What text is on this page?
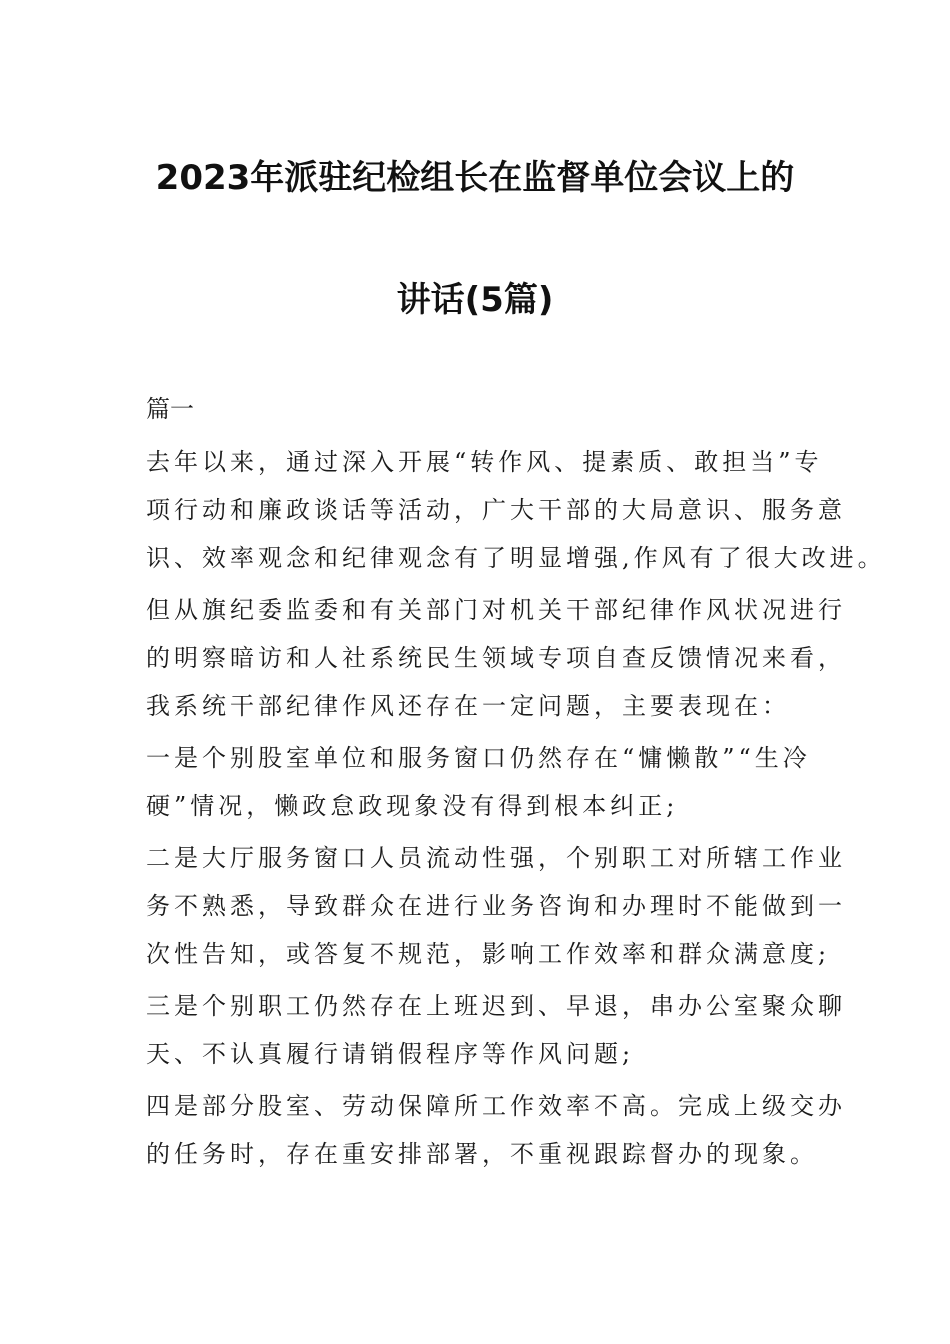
2023年派驻纪检组长在监督单位会议上的
讲话(5篇)
篇一
去年以来，通过深入开展“转作风、提素质、敢担当”专
项行动和廉政谈话等活动，广大干部的大局意识、服务意
识、效率观念和纪律观念有了明显增强,作风有了很大改进。
但从旗纪委监委和有关部门对机关干部纪律作风状况进行
的明察暗访和人社系统民生领域专项自查反馈情况来看，
我系统干部纪律作风还存在一定问题，主要表现在：
一是个别股室单位和服务窗口仍然存在“慵懒散”“生冷
硬”情况，懒政怠政现象没有得到根本纠正;
二是大厅服务窗口人员流动性强，个别职工对所辖工作业
务不熟悉，导致群众在进行业务咨询和办理时不能做到一
次性告知，或答复不规范，影响工作效率和群众满意度;
三是个别职工仍然存在上班迟到、早退，串办公室聚众聊
天、不认真履行请销假程序等作风问题;
四是部分股室、劳动保障所工作效率不高。完成上级交办
的任务时，存在重安排部署，不重视跟踪督办的现象。
